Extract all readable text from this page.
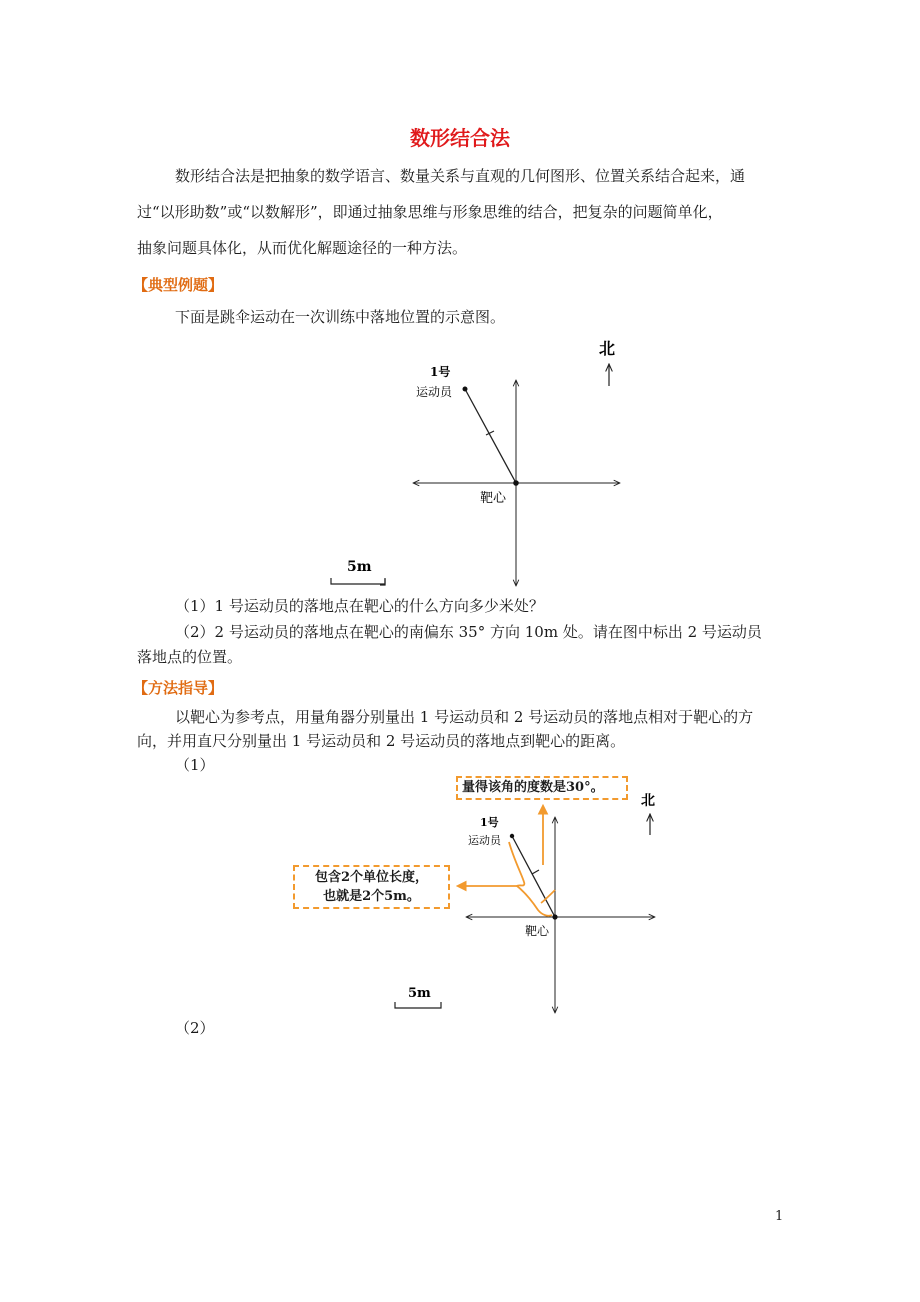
数形结合法
数形结合法是把抽象的数学语言、数量关系与直观的几何图形、位置关系结合起来，通
过“以形助数”或“以数解形”，即通过抽象思维与形象思维的结合，把复杂的问题简单化，
抽象问题具体化，从而优化解题途径的一种方法。
【典型例题】
下面是跳伞运动在一次训练中落地位置的示意图。
1号
运动员
靶心
北
5m
（1）1 号运动员的落地点在靶心的什么方向多少米处？
（2）2 号运动员的落地点在靶心的南偏东 35° 方向 10m 处。请在图中标出 2 号运动员
落地点的位置。
【方法指导】
以靶心为参考点，用量角器分别量出 1 号运动员和 2 号运动员的落地点相对于靶心的方
向，并用直尺分别量出 1 号运动员和 2 号运动员的落地点到靶心的距离。
（1）
1号
运动员
靶心
北
5m
量得该角的度数是30°。
包含2个单位长度，
也就是2个5m。
（2）
1
